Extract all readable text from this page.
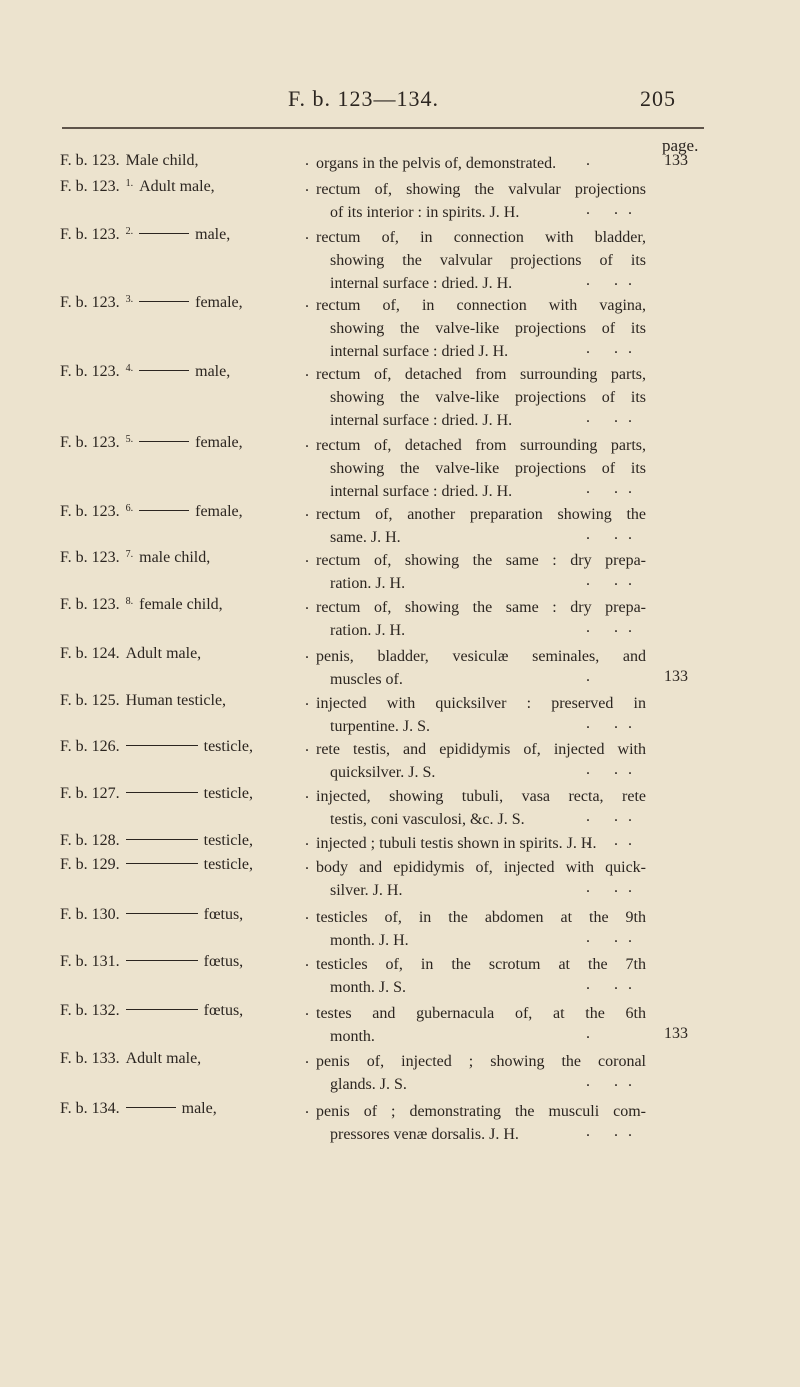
F. b. 123—134.	205
page.
F. b. 123. Male child,	. organs in the pelvis of, demonstrated.	.	133
F. b. 123. $^{1.}$ Adult male,	. rectum of, showing the valvular projections
of its interior : in spirits. J. H.	. ..
F. b. 123. $^{2.}$	male,	. rectum of, in connection with bladder,
showing the valvular projections of its
internal surface : dried. J. H.	. ..
F. b. 123. $^{3.}$	female,	. rectum of, in connection with vagina,
showing the valve-like projections of its
internal surface : dried J. H.	. ..
F. b. 123. $^{4.}$	male,	. rectum of, detached from surrounding parts,
showing the valve-like projections of its
internal surface : dried. J. H.	. ..
F. b. 123. $^{5.}$	female,	. rectum of, detached from surrounding parts,
showing the valve-like projections of its
internal surface : dried. J. H.	. ..
F. b. 123. $^{6.}$	female,	. rectum of, another preparation showing the
same. J. H.	. ..
F. b. 123. $^{7.}$ male child,	. rectum of, showing the same : dry prepa-
ration. J. H.	. ..
F. b. 123. $^{8.}$ female child,	. rectum of, showing the same : dry prepa-
ration. J. H.	. ..
F. b. 124. Adult male,	. penis, bladder, vesiculæ seminales, and
muscles of.	.	133
F. b. 125. Human testicle,	. injected with quicksilver : preserved in
turpentine. J. S.	. ..
F. b. 126.	testicle,	. rete testis, and epididymis of, injected with
quicksilver. J. S.	. ..
F. b. 127.	testicle,	. injected, showing tubuli, vasa recta, rete
testis, coni vasculosi, &c. J. S.	. ..
F. b. 128.	testicle,	. injected ; tubuli testis shown in spirits. J. H.
. ..
F. b. 129.	testicle,	. body and epididymis of, injected with quick-
silver. J. H.	. ..
F. b. 130.	fœtus,	. testicles of, in the abdomen at the 9th
month. J. H.	. ..
F. b. 131.	fœtus,	. testicles of, in the scrotum at the 7th
month. J. S.	. ..
F. b. 132.	fœtus,	. testes and gubernacula of, at the 6th
month.	.	133
F. b. 133. Adult male,	. penis of, injected ; showing the coronal
glands. J. S.	. ..
F. b. 134.	male,	. penis of ; demonstrating the musculi com-
pressores venæ dorsalis. J. H.	. ..
